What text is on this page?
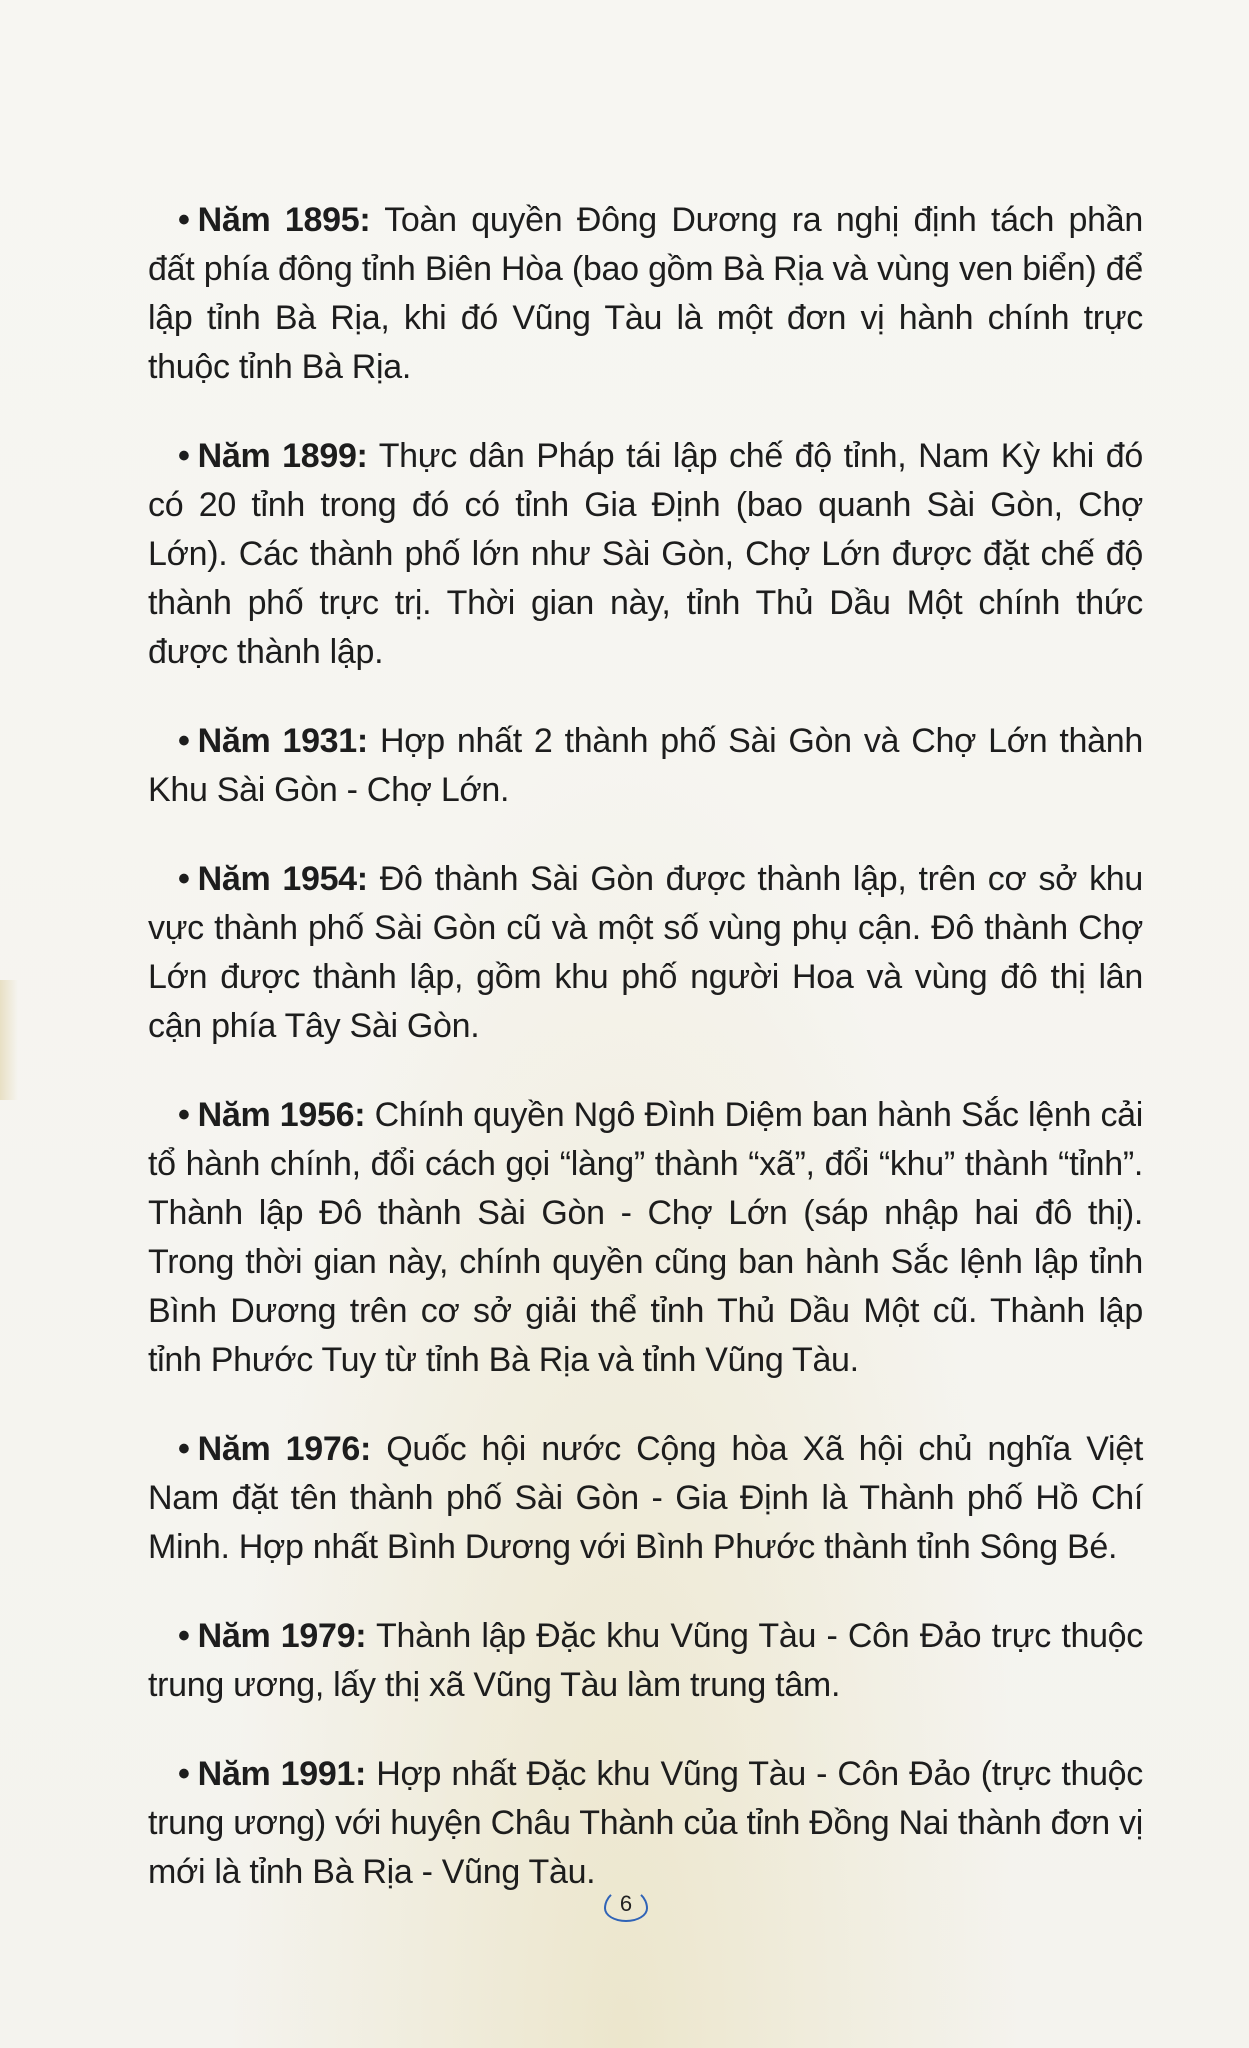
• Năm 1895: Toàn quyền Đông Dương ra nghị định tách phần đất phía đông tỉnh Biên Hòa (bao gồm Bà Rịa và vùng ven biển) để lập tỉnh Bà Rịa, khi đó Vũng Tàu là một đơn vị hành chính trực thuộc tỉnh Bà Rịa.

• Năm 1899: Thực dân Pháp tái lập chế độ tỉnh, Nam Kỳ khi đó có 20 tỉnh trong đó có tỉnh Gia Định (bao quanh Sài Gòn, Chợ Lớn). Các thành phố lớn như Sài Gòn, Chợ Lớn được đặt chế độ thành phố trực trị. Thời gian này, tỉnh Thủ Dầu Một chính thức được thành lập.

• Năm 1931: Hợp nhất 2 thành phố Sài Gòn và Chợ Lớn thành Khu Sài Gòn - Chợ Lớn.

• Năm 1954: Đô thành Sài Gòn được thành lập, trên cơ sở khu vực thành phố Sài Gòn cũ và một số vùng phụ cận. Đô thành Chợ Lớn được thành lập, gồm khu phố người Hoa và vùng đô thị lân cận phía Tây Sài Gòn.

• Năm 1956: Chính quyền Ngô Đình Diệm ban hành Sắc lệnh cải tổ hành chính, đổi cách gọi “làng” thành “xã”, đổi “khu” thành “tỉnh”. Thành lập Đô thành Sài Gòn - Chợ Lớn (sáp nhập hai đô thị). Trong thời gian này, chính quyền cũng ban hành Sắc lệnh lập tỉnh Bình Dương trên cơ sở giải thể tỉnh Thủ Dầu Một cũ. Thành lập tỉnh Phước Tuy từ tỉnh Bà Rịa và tỉnh Vũng Tàu.

• Năm 1976: Quốc hội nước Cộng hòa Xã hội chủ nghĩa Việt Nam đặt tên thành phố Sài Gòn - Gia Định là Thành phố Hồ Chí Minh. Hợp nhất Bình Dương với Bình Phước thành tỉnh Sông Bé.

• Năm 1979: Thành lập Đặc khu Vũng Tàu - Côn Đảo trực thuộc trung ương, lấy thị xã Vũng Tàu làm trung tâm.

• Năm 1991: Hợp nhất Đặc khu Vũng Tàu - Côn Đảo (trực thuộc trung ương) với huyện Châu Thành của tỉnh Đồng Nai thành đơn vị mới là tỉnh Bà Rịa - Vũng Tàu.

6
